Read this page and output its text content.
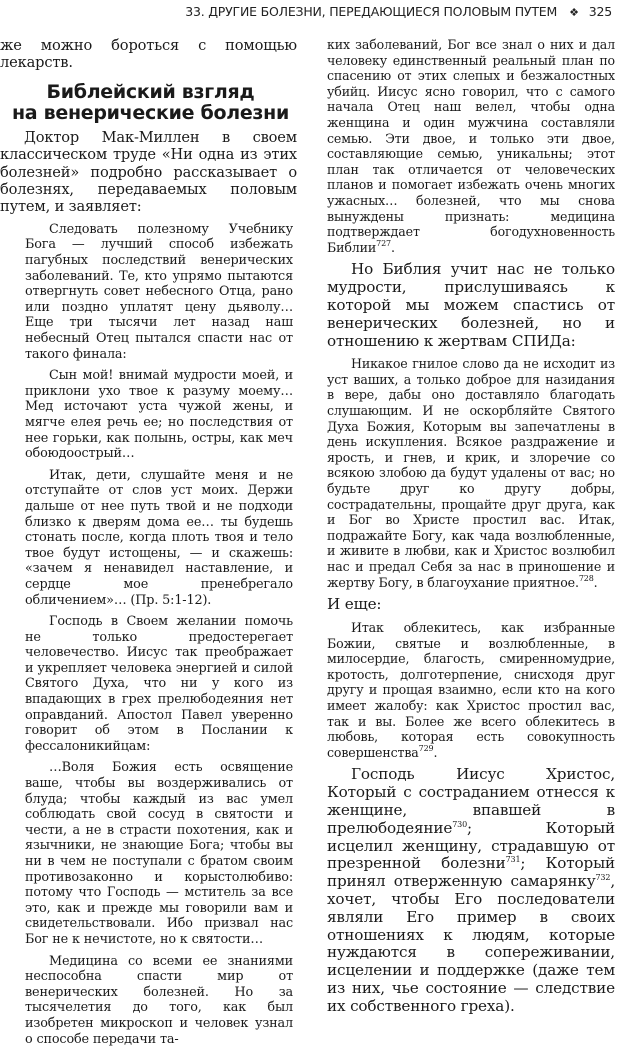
33. ДРУГИЕ БОЛЕЗНИ, ПЕРЕДАЮЩИЕСЯ ПОЛОВЫМ ПУТЕМ ❖ 325

же можно бороться с помощью лекарств.

Библейский взгляд
на венерические болезни

Доктор Мак-Миллен в своем классическом труде «Ни одна из этих болезней» подробно рассказывает о болезнях, передаваемых половым путем, и заявляет:

Следовать полезному Учебнику Бога — лучший способ избежать пагубных последствий венерических заболеваний. Те, кто упрямо пытаются отвергнуть совет небесного Отца, рано или поздно уплатят цену дьяволу… Еще три тысячи лет назад наш небесный Отец пытался спасти нас от такого финала:

Сын мой! внимай мудрости моей, и приклони ухо твое к разуму моему… Мед источают уста чужой жены, и мягче елея речь ее; но последствия от нее горьки, как полынь, остры, как меч обоюдоострый…

Итак, дети, слушайте меня и не отступайте от слов уст моих. Держи дальше от нее путь твой и не подходи близко к дверям дома ее… ты будешь стонать после, когда плоть твоя и тело твое будут истощены, — и скажешь: «зачем я ненавидел наставление, и сердце мое пренебрегало обличением»… (Пр. 5:1-12).

Господь в Своем желании помочь не только предостерегает человечество. Иисус так преображает и укрепляет человека энергией и силой Святого Духа, что ни у кого из впадающих в грех прелюбодеяния нет оправданий. Апостол Павел уверенно говорит об этом в Послании к фессалоникийцам:

…Воля Божия есть освящение ваше, чтобы вы воздерживались от блуда; чтобы каждый из вас умел соблюдать свой сосуд в святости и чести, а не в страсти похотения, как и язычники, не знающие Бога; чтобы вы ни в чем не поступали с братом своим противозаконно и корыстолюбиво: потому что Господь — мститель за все это, как и прежде мы говорили вам и свидетельствовали. Ибо призвал нас Бог не к нечистоте, но к святости…

Медицина со всеми ее знаниями неспособна спасти мир от венерических болезней. Но за тысячелетия до того, как был изобретен микроскоп и человек узнал о способе передачи та-

ких заболеваний, Бог все знал о них и дал человеку единственный реальный план по спасению от этих слепых и безжалостных убийц. Иисус ясно говорил, что с самого начала Отец наш велел, чтобы одна женщина и один мужчина составляли семью. Эти двое, и только эти двое, составляющие семью, уникальны; этот план так отличается от человеческих планов и помогает избежать очень многих ужасных… болезней, что мы снова вынуждены признать: медицина подтверждает богодухновенность Библии$^{727}$.

Но Библия учит нас не только мудрости, прислушиваясь к которой мы можем спастись от венерических болезней, но и отношению к жертвам СПИДа:

Никакое гнилое слово да не исходит из уст ваших, а только доброе для назидания в вере, дабы оно доставляло благодать слушающим. И не оскорбляйте Святого Духа Божия, Которым вы запечатлены в день искупления. Всякое раздражение и ярость, и гнев, и крик, и злоречие со всякою злобою да будут удалены от вас; но будьте друг ко другу добры, сострадательны, прощайте друг друга, как и Бог во Христе простил вас. Итак, подражайте Богу, как чада возлюбленные, и живите в любви, как и Христос возлюбил нас и предал Себя за нас в приношение и жертву Богу, в благоухание приятное.$^{728}$.

И еще:

Итак облекитесь, как избранные Божии, святые и возлюбленные, в милосердие, благость, смиренномудрие, кротость, долготерпение, снисходя друг другу и прощая взаимно, если кто на кого имеет жалобу: как Христос простил вас, так и вы. Более же всего облекитесь в любовь, которая есть совокупность совершенства$^{729}$.

Господь Иисус Христос, Который с состраданием отнесся к женщине, впавшей в прелюбодеяние$^{730}$; Который исцелил женщину, страдавшую от презренной болезни$^{731}$; Который принял отверженную самарянку$^{732}$, хочет, чтобы Его последователи являли Его пример в своих отношениях к людям, которые нуждаются в сопереживании, исцелении и поддержке (даже тем из них, чье состояние — следствие их собственного греха).
